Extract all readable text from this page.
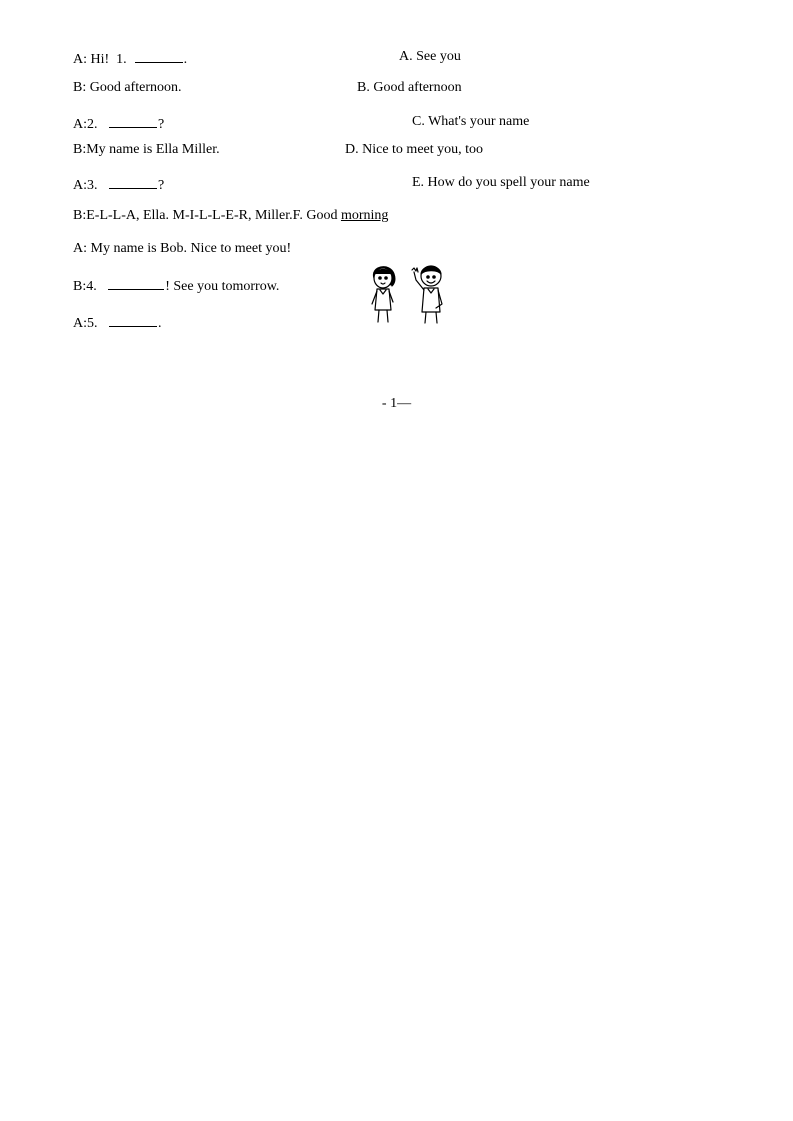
A: Hi! 1.	.
B: Good afternoon.
A:2.	?
B:My name is Ella Miller.
A:3.	?
B:E-L-L-A, Ella. M-I-L-L-E-R, Miller.F. Good morning
A: My name is Bob. Nice to meet you!
B:4.	! See you tomorrow.
A:5.	.
A. See you
B. Good afternoon
C. What's your name
D. Nice to meet you, too
E. How do you spell your name
- 1—
